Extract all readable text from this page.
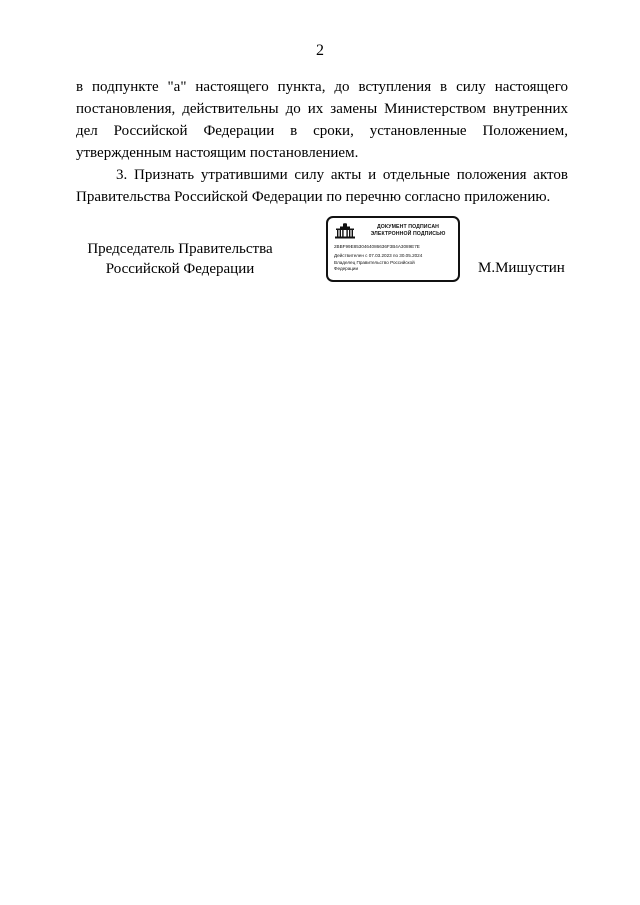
2

в подпункте "а" настоящего пункта, до вступления в силу настоящего постановления, действительны до их замены Министерством внутренних дел Российской Федерации в сроки, установленные Положением, утвержденным настоящим постановлением.

3. Признать утратившими силу акты и отдельные положения актов Правительства Российской Федерации по перечню согласно приложению.

Председатель Правительства
Российской Федерации
ДОКУМЕНТ ПОДПИСАН
ЭЛЕКТРОННОЙ ПОДПИСЬЮ
2BBF99E8530464086636F3B4A3089E7E
Действителен с 07.03.2023 по 30.05.2024
Владелец Правительство Российской
Федерации	М.Мишустин
